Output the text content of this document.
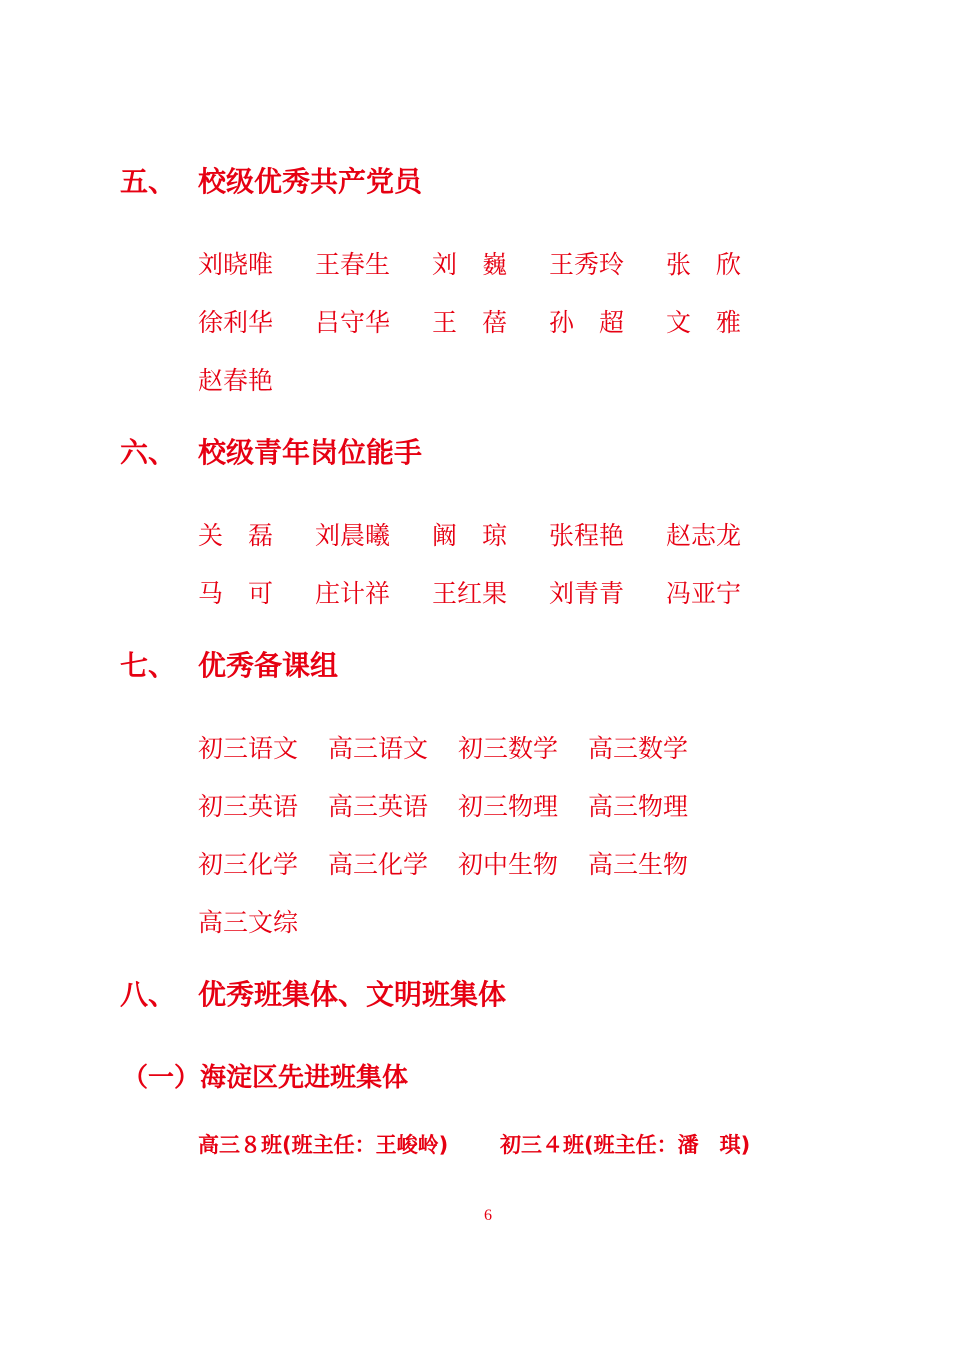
五、 校级优秀共产党员
刘晓唯 王春生 刘　巍 王秀玲 张　欣
徐利华 吕守华 王　蓓 孙　超 文　雅
赵春艳
六、 校级青年岗位能手
关　磊 刘晨曦 阚　琼 张程艳 赵志龙
马　可 庄计祥 王红果 刘青青 冯亚宁
七、 优秀备课组
初三语文 高三语文 初三数学 高三数学
初三英语 高三英语 初三物理 高三物理
初三化学 高三化学 初中生物 高三生物
高三文综
八、 优秀班集体、文明班集体
（一）海淀区先进班集体
高三８班(班主任：王峻岭) 初三４班(班主任：潘　琪)
6
